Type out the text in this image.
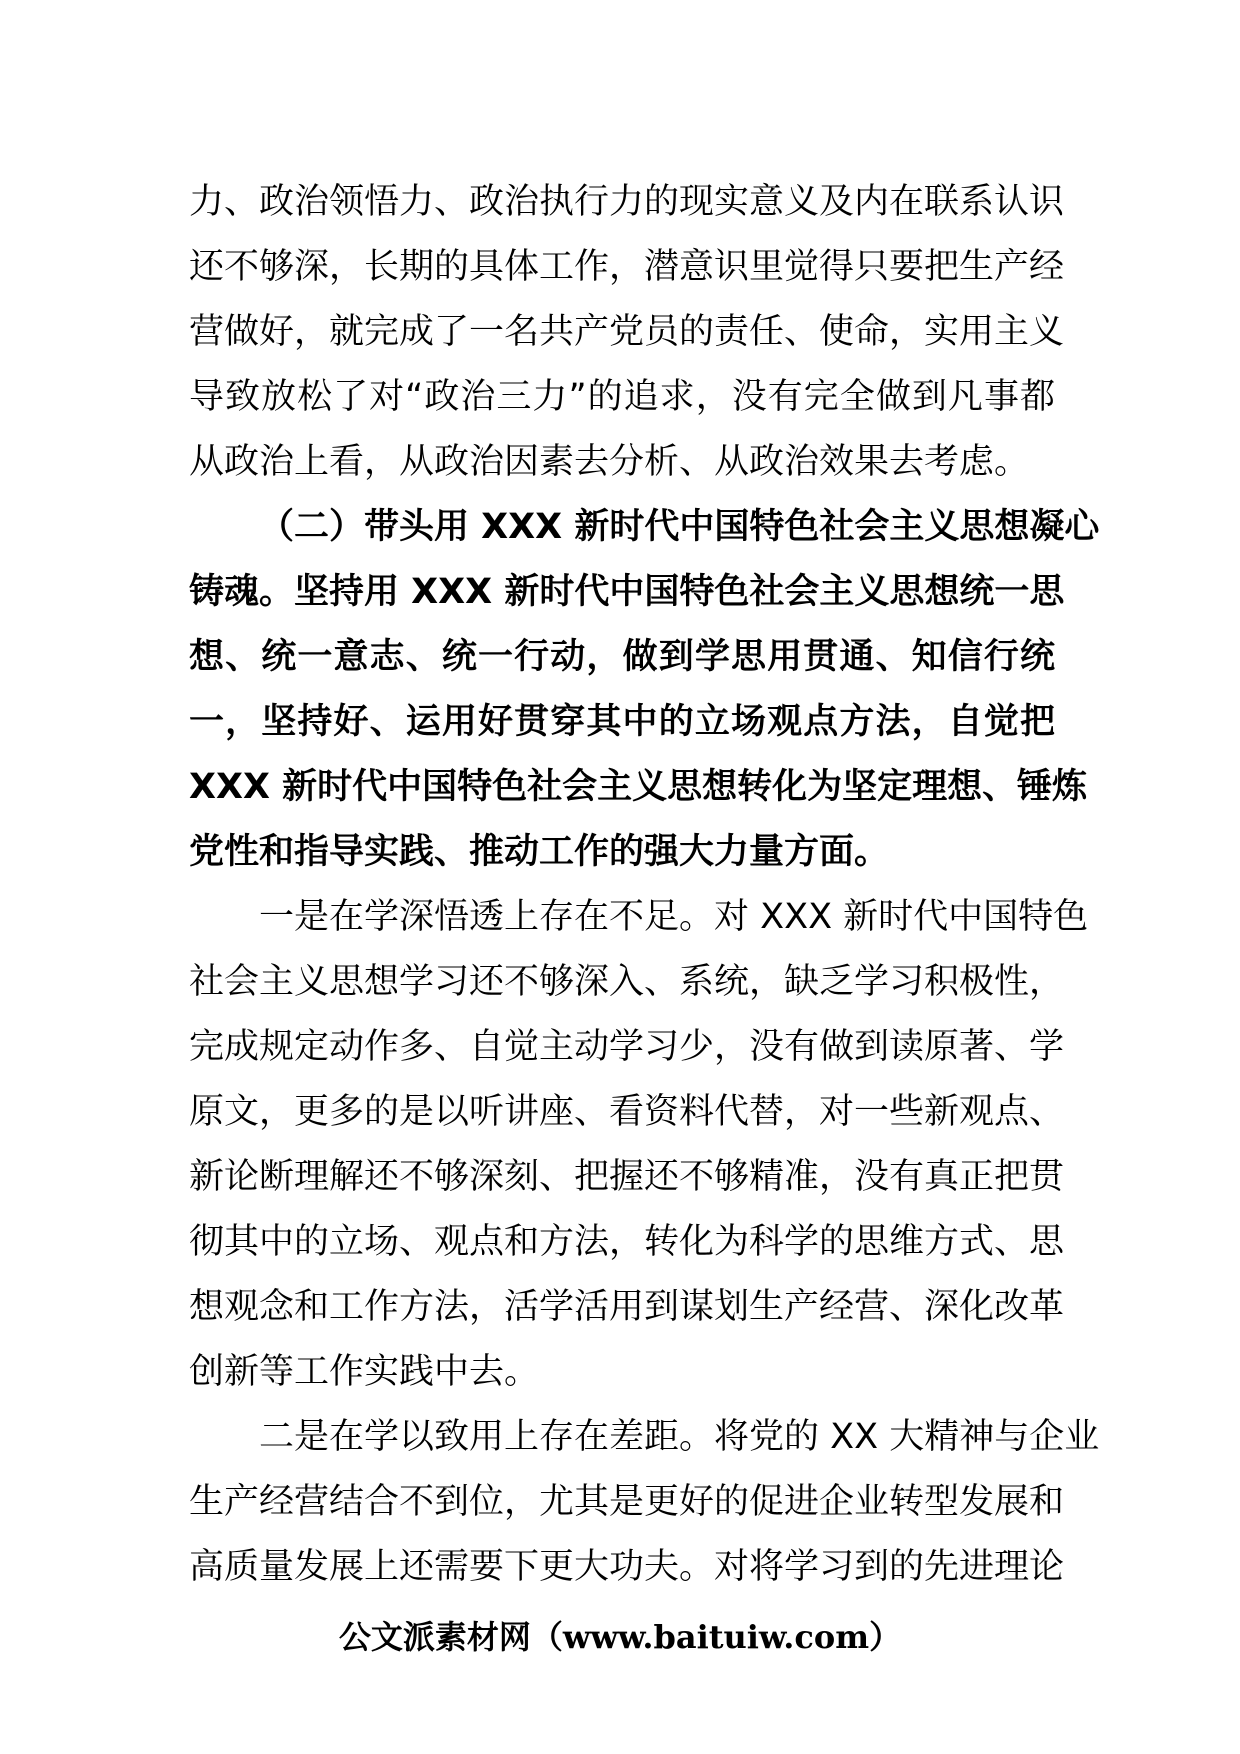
力、政治领悟力、政治执行力的现实意义及内在联系认识
还不够深，长期的具体工作，潜意识里觉得只要把生产经
营做好，就完成了一名共产党员的责任、使命，实用主义
导致放松了对“政治三力”的追求，没有完全做到凡事都
从政治上看，从政治因素去分析、从政治效果去考虑。
（二）带头用 XXX 新时代中国特色社会主义思想凝心
铸魂。坚持用 XXX 新时代中国特色社会主义思想统一思
想、统一意志、统一行动，做到学思用贯通、知信行统
一，坚持好、运用好贯穿其中的立场观点方法，自觉把
XXX 新时代中国特色社会主义思想转化为坚定理想、锤炼
党性和指导实践、推动工作的强大力量方面。
一是在学深悟透上存在不足。对 XXX 新时代中国特色
社会主义思想学习还不够深入、系统，缺乏学习积极性，
完成规定动作多、自觉主动学习少，没有做到读原著、学
原文，更多的是以听讲座、看资料代替，对一些新观点、
新论断理解还不够深刻、把握还不够精准，没有真正把贯
彻其中的立场、观点和方法，转化为科学的思维方式、思
想观念和工作方法，活学活用到谋划生产经营、深化改革
创新等工作实践中去。
二是在学以致用上存在差距。将党的 XX 大精神与企业
生产经营结合不到位，尤其是更好的促进企业转型发展和
高质量发展上还需要下更大功夫。对将学习到的先进理论
公文派素材网（www.baituiw.com）
